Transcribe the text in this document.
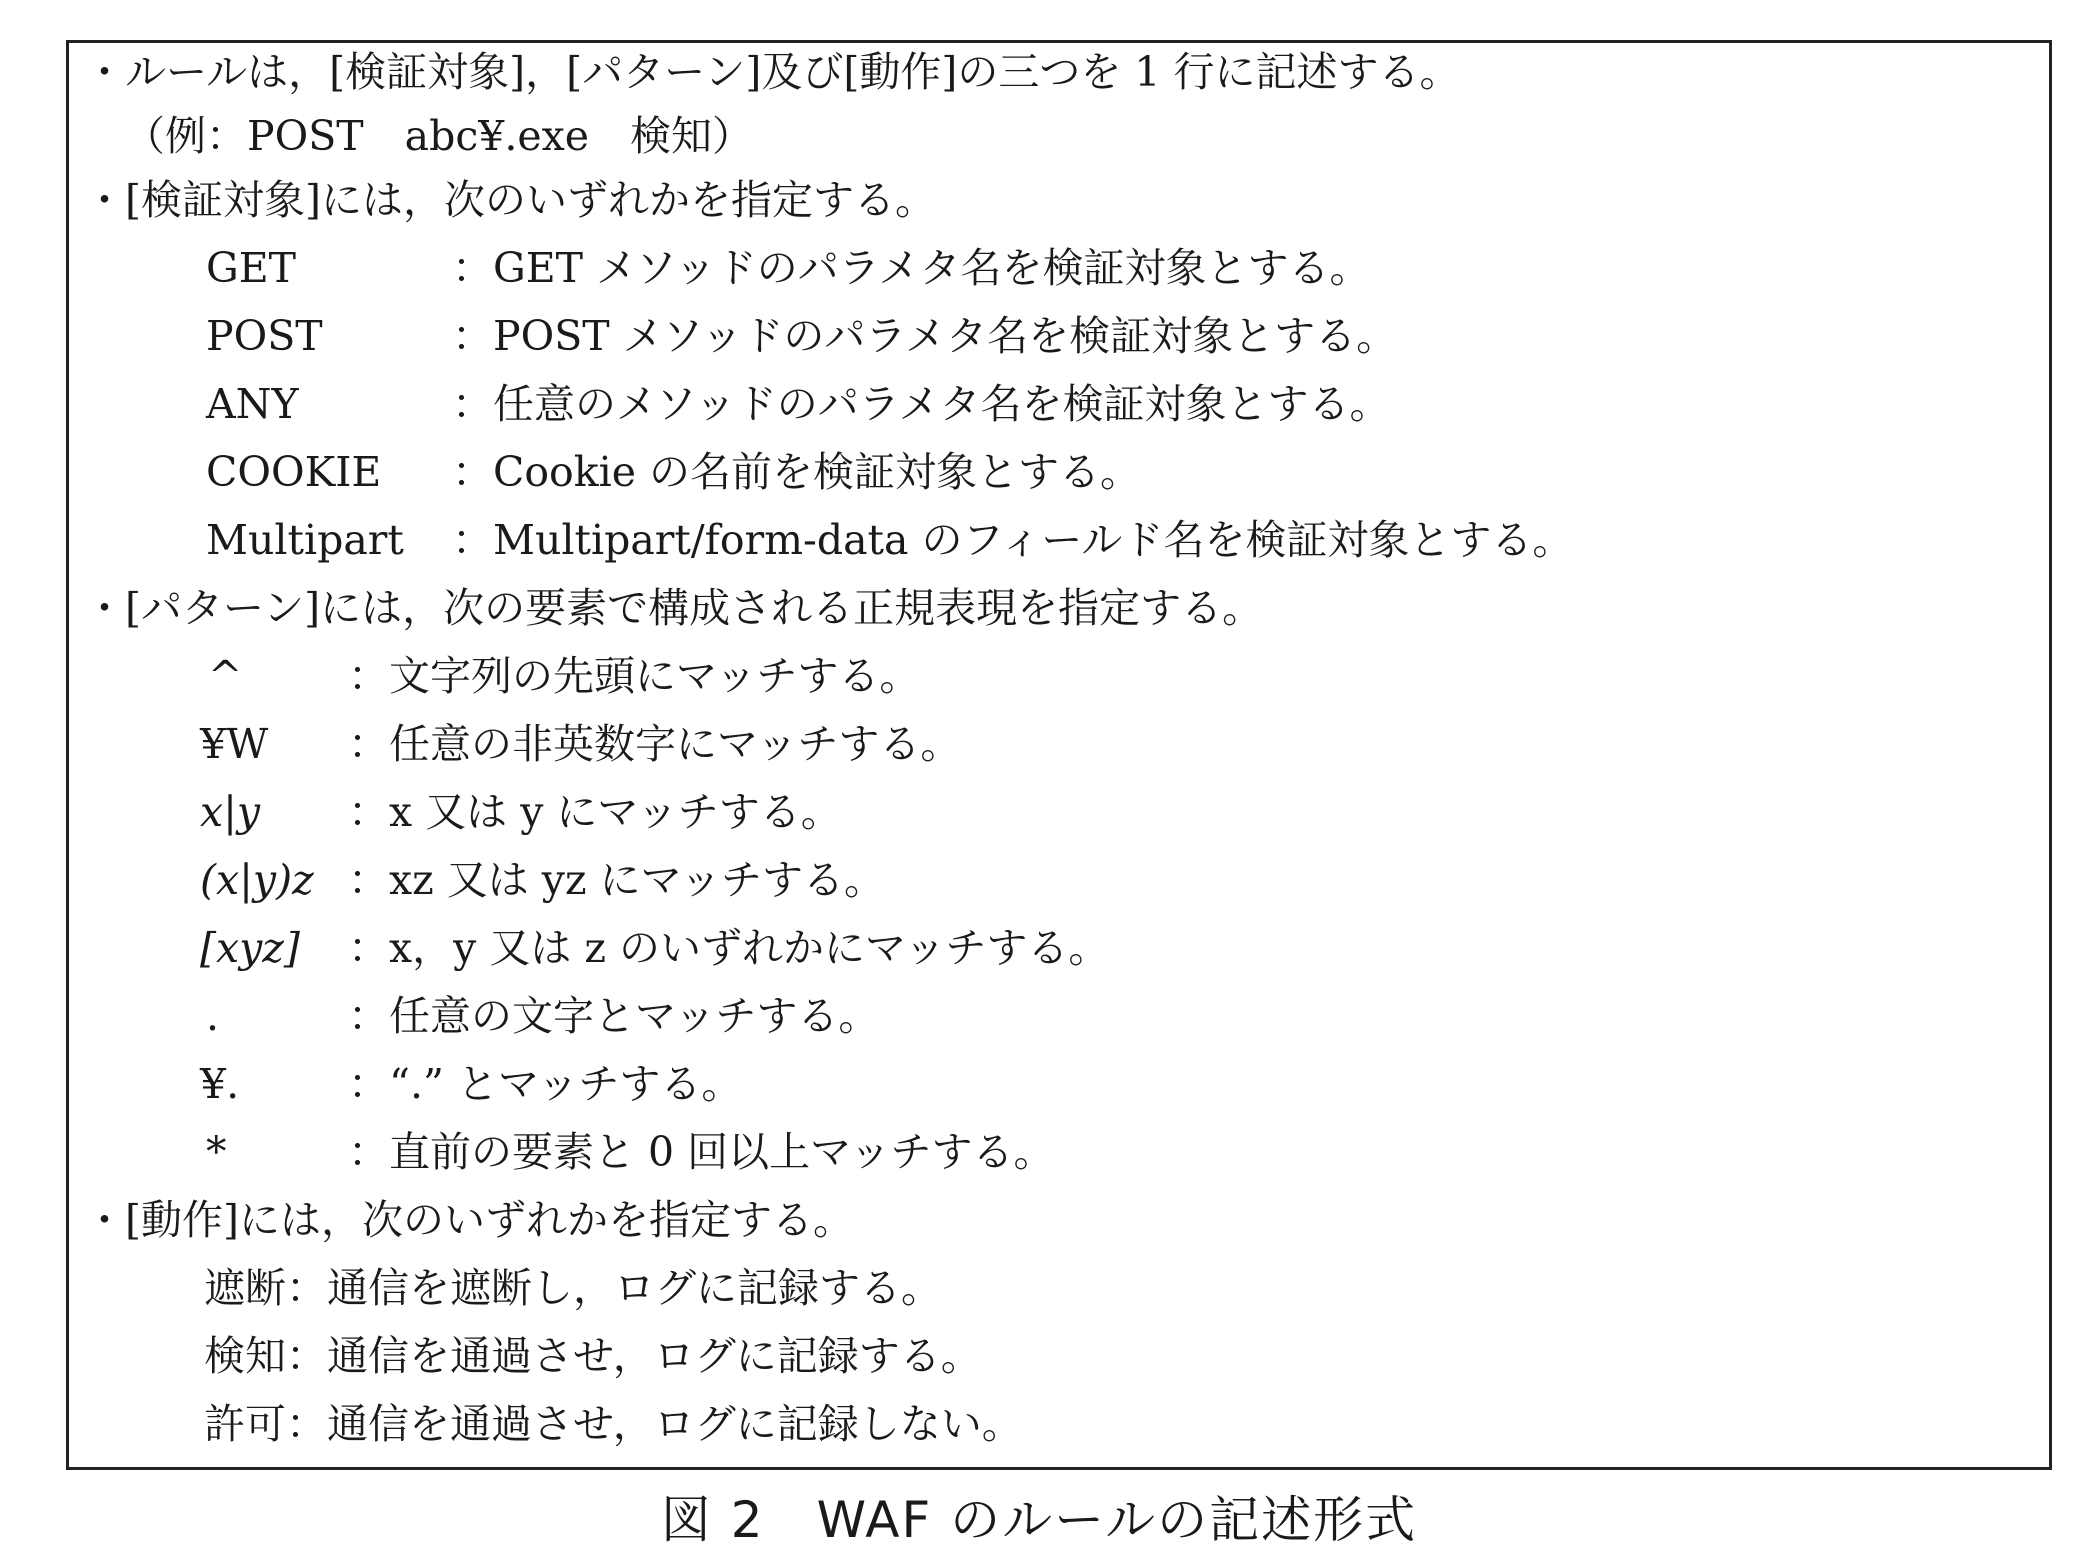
・ルールは，[検証対象]，[パターン]及び[動作]の三つを 1 行に記述する。
（例：POST　abc¥.exe　検知）
・[検証対象]には，次のいずれかを指定する。
GET	：GET メソッドのパラメタ名を検証対象とする。
POST	：POST メソッドのパラメタ名を検証対象とする。
ANY	：任意のメソッドのパラメタ名を検証対象とする。
COOKIE ：Cookie の名前を検証対象とする。
Multipart ：Multipart/form-data のフィールド名を検証対象とする。
・[パターン]には，次の要素で構成される正規表現を指定する。
^	：文字列の先頭にマッチする。
¥W ：任意の非英数字にマッチする。
x|y ：x 又は y にマッチする。
(x|y)z ：xz 又は yz にマッチする。
[xyz] ：x，y 又は z のいずれかにマッチする。
.	：任意の文字とマッチする。
¥.	：“.” とマッチする。
*	：直前の要素と 0 回以上マッチする。
・[動作]には，次のいずれかを指定する。
遮断：通信を遮断し，ログに記録する。
検知：通信を通過させ，ログに記録する。
許可：通信を通過させ，ログに記録しない。
図 2　WAF のルールの記述形式
